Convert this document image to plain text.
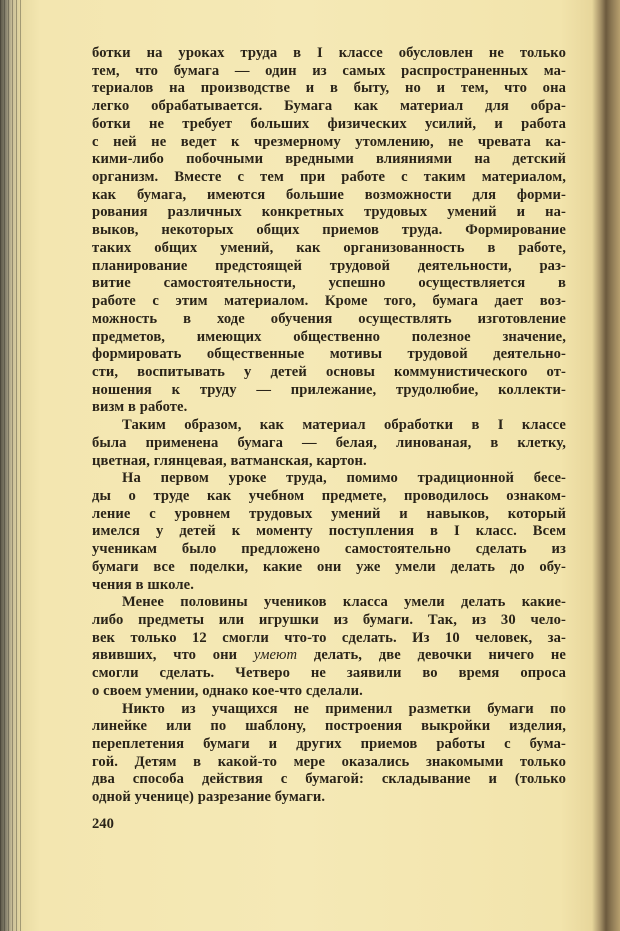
ботки на уроках труда в I классе обусловлен не только
тем, что бумага — один из самых распространенных ма-
териалов на производстве и в быту, но и тем, что она
легко обрабатывается. Бумага как материал для обра-
ботки не требует больших физических усилий, и работа
с ней не ведет к чрезмерному утомлению, не чревата ка-
кими-либо побочными вредными влияниями на детский
организм. Вместе с тем при работе с таким материалом,
как бумага, имеются большие возможности для форми-
рования различных конкретных трудовых умений и на-
выков, некоторых общих приемов труда. Формирование
таких общих умений, как организованность в работе,
планирование предстоящей трудовой деятельности, раз-
витие самостоятельности, успешно осуществляется в
работе с этим материалом. Кроме того, бумага дает воз-
можность в ходе обучения осуществлять изготовление
предметов, имеющих общественно полезное значение,
формировать общественные мотивы трудовой деятельно-
сти, воспитывать у детей основы коммунистического от-
ношения к труду — прилежание, трудолюбие, коллекти-
визм в работе.
Таким образом, как материал обработки в I классе
была применена бумага — белая, линованая, в клетку,
цветная, глянцевая, ватманская, картон.
На первом уроке труда, помимо традиционной бесе-
ды о труде как учебном предмете, проводилось ознаком-
ление с уровнем трудовых умений и навыков, который
имелся у детей к моменту поступления в I класс. Всем
ученикам было предложено самостоятельно сделать из
бумаги все поделки, какие они уже умели делать до обу-
чения в школе.
Менее половины учеников класса умели делать какие-
либо предметы или игрушки из бумаги. Так, из 30 чело-
век только 12 смогли что-то сделать. Из 10 человек, за-
явивших, что они умеют делать, две девочки ничего не
смогли сделать. Четверо не заявили во время опроса
о своем умении, однако кое-что сделали.
Никто из учащихся не применил разметки бумаги по
линейке или по шаблону, построения выкройки изделия,
переплетения бумаги и других приемов работы с бума-
гой. Детям в какой-то мере оказались знакомыми только
два способа действия с бумагой: складывание и (только
одной ученице) разрезание бумаги.
240
